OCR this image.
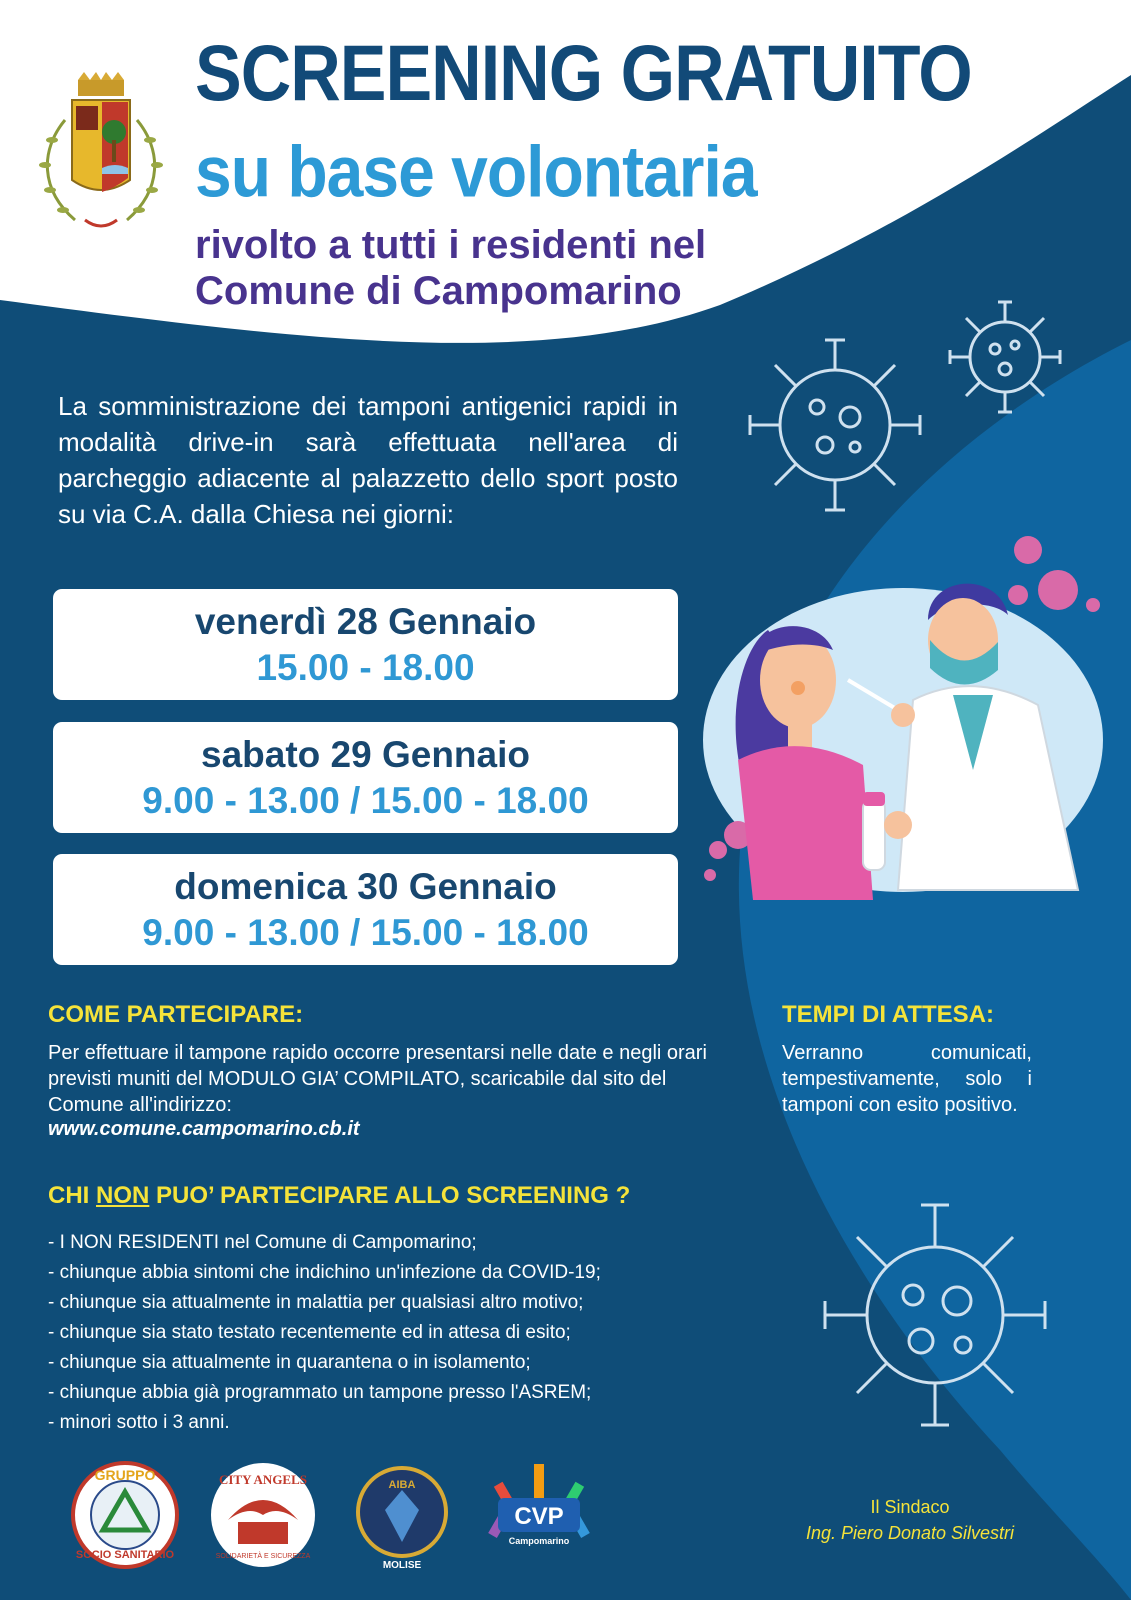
SCREENING GRATUITO
su base volontaria

rivolto a tutti i residenti nel
Comune di Campomarino

La somministrazione dei tamponi antigenici rapidi in modalità drive-in sarà effettuata nell'area di parcheggio adiacente al palazzetto dello sport posto su via C.A. dalla Chiesa nei giorni:

venerdì 28 Gennaio
15.00 - 18.00
sabato 29 Gennaio
9.00 - 13.00 / 15.00 - 18.00
domenica 30 Gennaio
9.00 - 13.00 / 15.00 - 18.00
COME PARTECIPARE:

Per effettuare il tampone rapido occorre presentarsi nelle date e negli orari previsti muniti del MODULO GIA’ COMPILATO, scaricabile dal sito del Comune all'indirizzo:

www.comune.campomarino.cb.it
TEMPI DI ATTESA:

Verranno comunicati, tempestivamente, solo i tamponi con esito positivo.

CHI NON PUO’ PARTECIPARE ALLO SCREENING ?
- I NON RESIDENTI nel Comune di Campomarino;
- chiunque abbia sintomi che indichino un'infezione da COVID-19;
- chiunque sia attualmente in malattia per qualsiasi altro motivo;
- chiunque sia stato testato recentemente ed in attesa di esito;
- chiunque sia attualmente in quarantena o in isolamento;
- chiunque abbia già programmato un tampone presso l'ASREM;
- minori sotto i 3 anni.
GRUPPO
SOCIO SANITARIO
CITY ANGELS
ITALIA
SOLIDARIETÀ E SICUREZZA
AIBA
MOLISE
CVP
Campomarino
Il Sindaco
Ing. Piero Donato Silvestri
